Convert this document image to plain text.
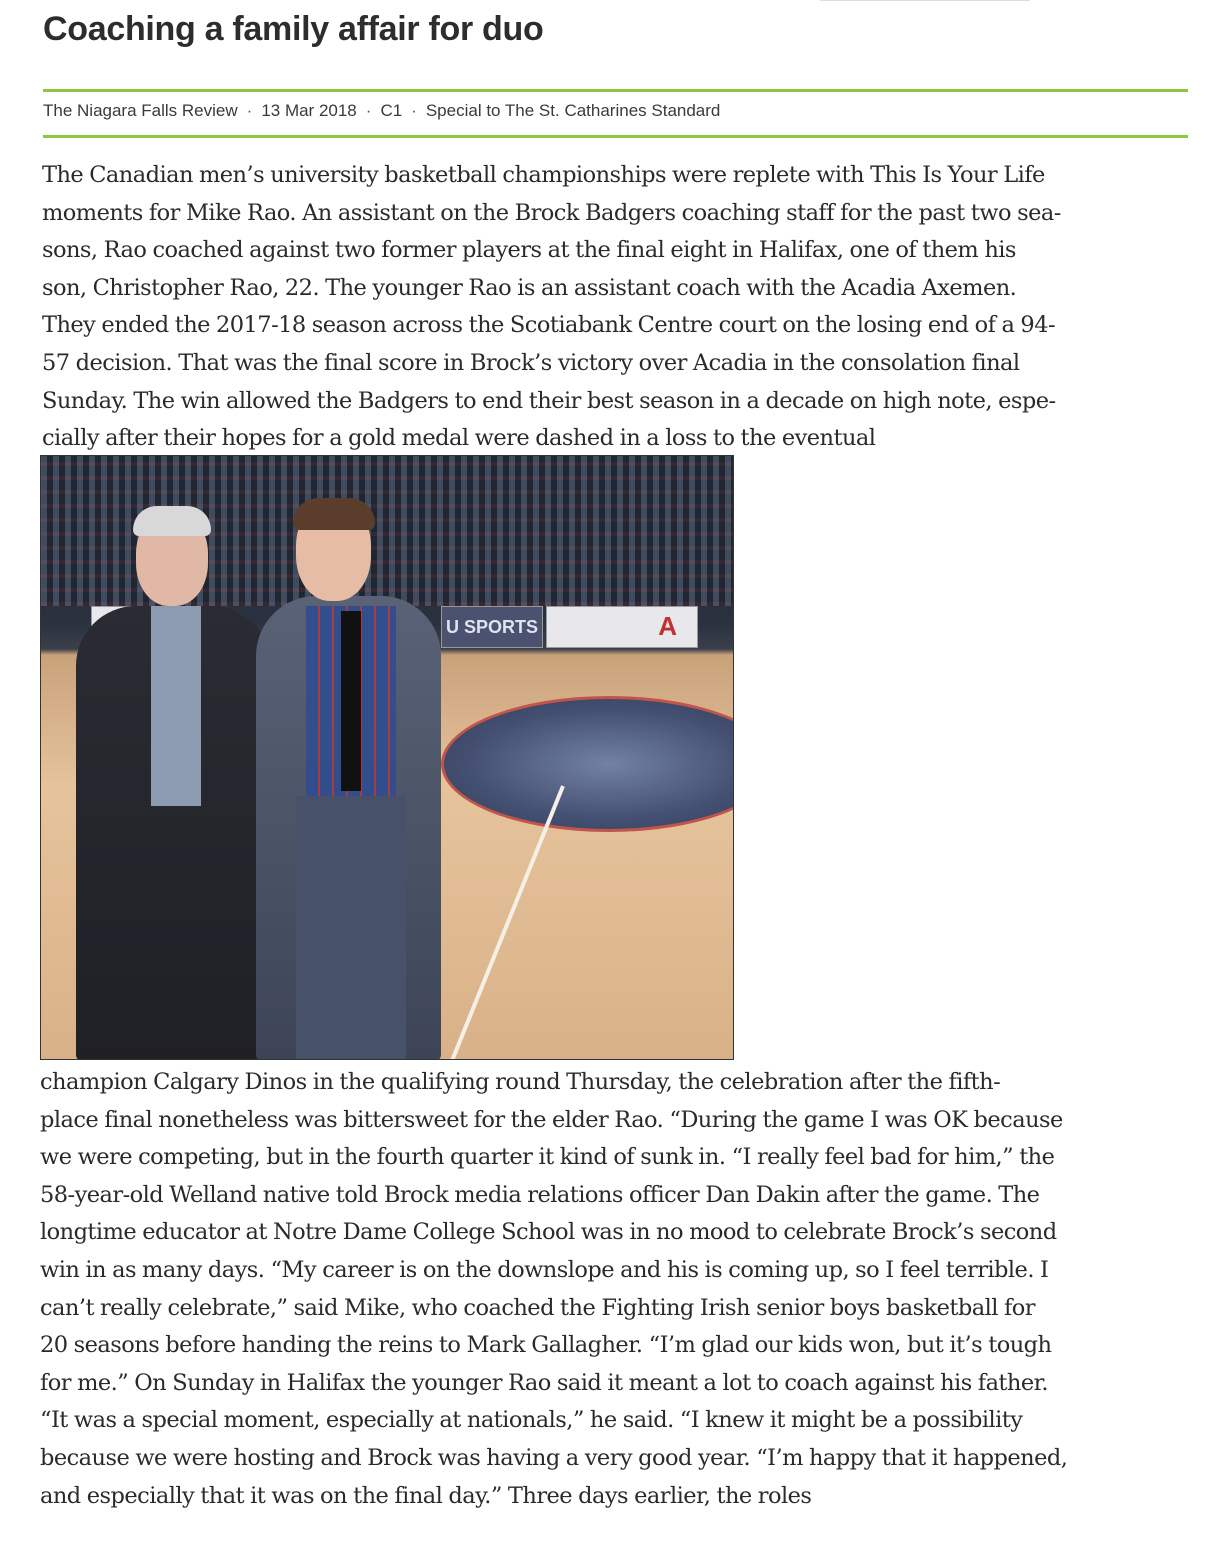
Coaching a family affair for duo
The Niagara Falls Review · 13 Mar 2018 · C1 · Special to The St. Catharines Standard

The Canadian men’s university basketball championships were replete with This Is Your Life
moments for Mike Rao. An assistant on the Brock Badgers coaching staff for the past two sea-
sons, Rao coached against two former players at the final eight in Halifax, one of them his
son, Christopher Rao, 22. The younger Rao is an assistant coach with the Acadia Axemen.
They ended the 2017-18 season across the Scotiabank Centre court on the losing end of a 94-
57 decision. That was the final score in Brock’s victory over Acadia in the consolation final
Sunday. The win allowed the Badgers to end their best season in a decade on high note, espe-
cially after their hopes for a gold medal were dashed in a loss to the eventual

U SPORTS	A

champion Calgary Dinos in the qualifying round Thursday, the celebration after the fifth-
place final nonetheless was bittersweet for the elder Rao. “During the game I was OK because
we were competing, but in the fourth quarter it kind of sunk in. “I really feel bad for him,” the
58-year-old Welland native told Brock media relations officer Dan Dakin after the game. The
longtime educator at Notre Dame College School was in no mood to celebrate Brock’s second
win in as many days. “My career is on the downslope and his is coming up, so I feel terrible. I
can’t really celebrate,” said Mike, who coached the Fighting Irish senior boys basketball for
20 seasons before handing the reins to Mark Gallagher. “I’m glad our kids won, but it’s tough
for me.” On Sunday in Halifax the younger Rao said it meant a lot to coach against his father.
“It was a special moment, especially at nationals,” he said. “I knew it might be a possibility
because we were hosting and Brock was having a very good year. “I’m happy that it happened,
and especially that it was on the final day.” Three days earlier, the roles
